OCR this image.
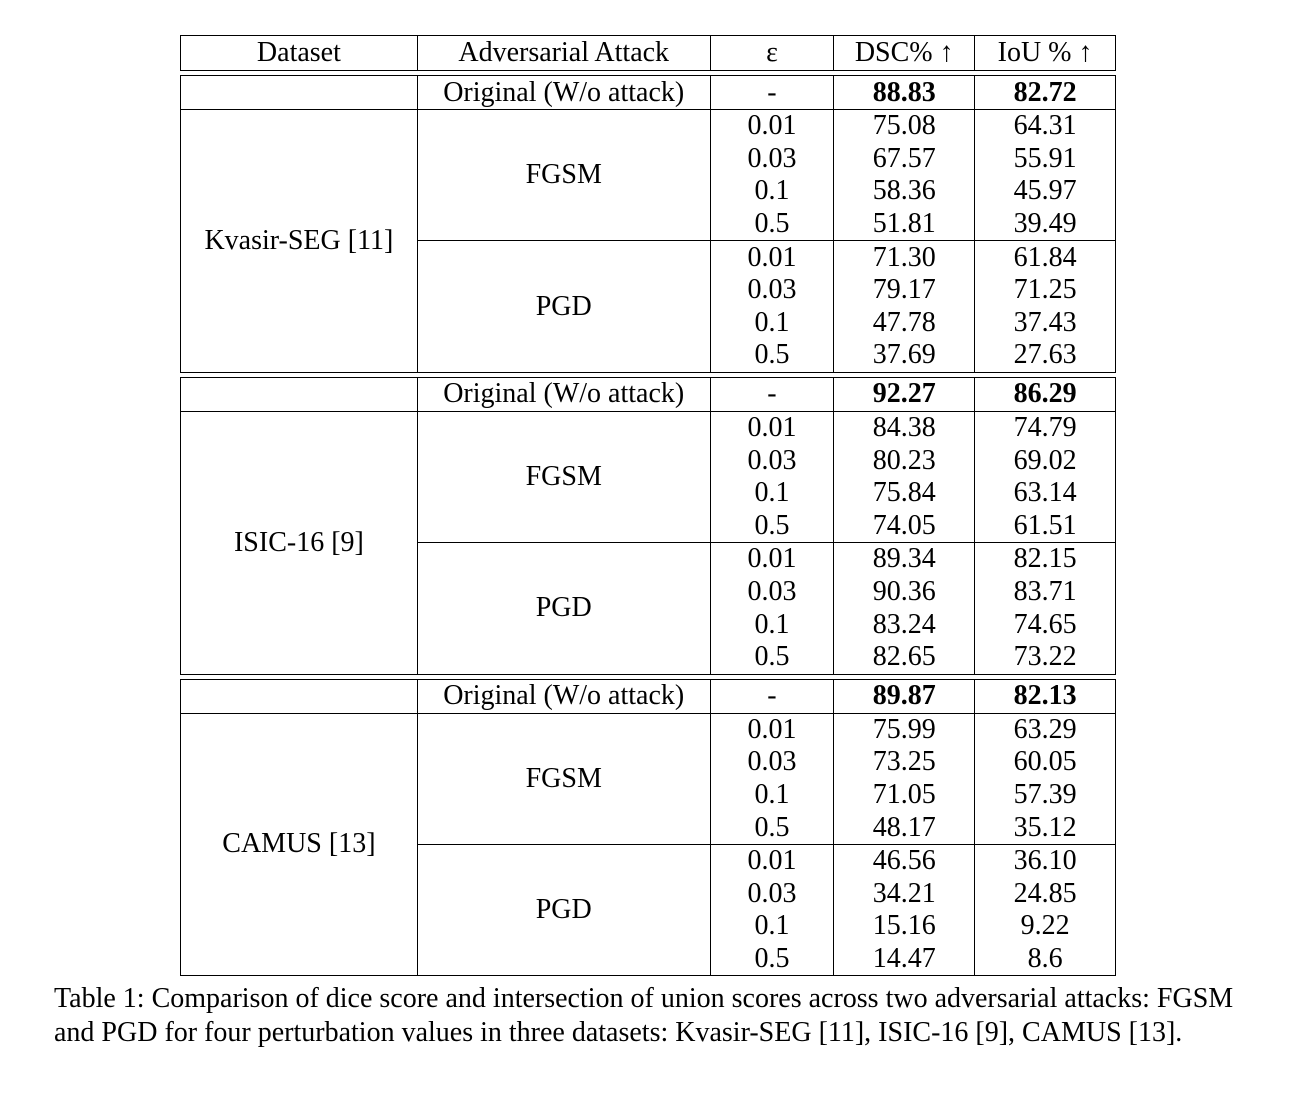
Dataset	Adversarial Attack	ε	DSC% ↑	IoU % ↑

	Original (W/o attack)	-	88.83	82.72
Kvasir-SEG [11]	FGSM	0.01	75.08	64.31
		0.03	67.57	55.91
		0.1	58.36	45.97
		0.5	51.81	39.49
	PGD	0.01	71.30	61.84
		0.03	79.17	71.25
		0.1	47.78	37.43
		0.5	37.69	27.63

	Original (W/o attack)	-	92.27	86.29
ISIC-16 [9]	FGSM	0.01	84.38	74.79
		0.03	80.23	69.02
		0.1	75.84	63.14
		0.5	74.05	61.51
	PGD	0.01	89.34	82.15
		0.03	90.36	83.71
		0.1	83.24	74.65
		0.5	82.65	73.22

	Original (W/o attack)	-	89.87	82.13
CAMUS [13]	FGSM	0.01	75.99	63.29
		0.03	73.25	60.05
		0.1	71.05	57.39
		0.5	48.17	35.12
	PGD	0.01	46.56	36.10
		0.03	34.21	24.85
		0.1	15.16	9.22
		0.5	14.47	8.6

Table 1: Comparison of dice score and intersection of union scores across two adversarial attacks: FGSM and PGD for four perturbation values in three datasets: Kvasir-SEG [11], ISIC-16 [9], CAMUS [13].
